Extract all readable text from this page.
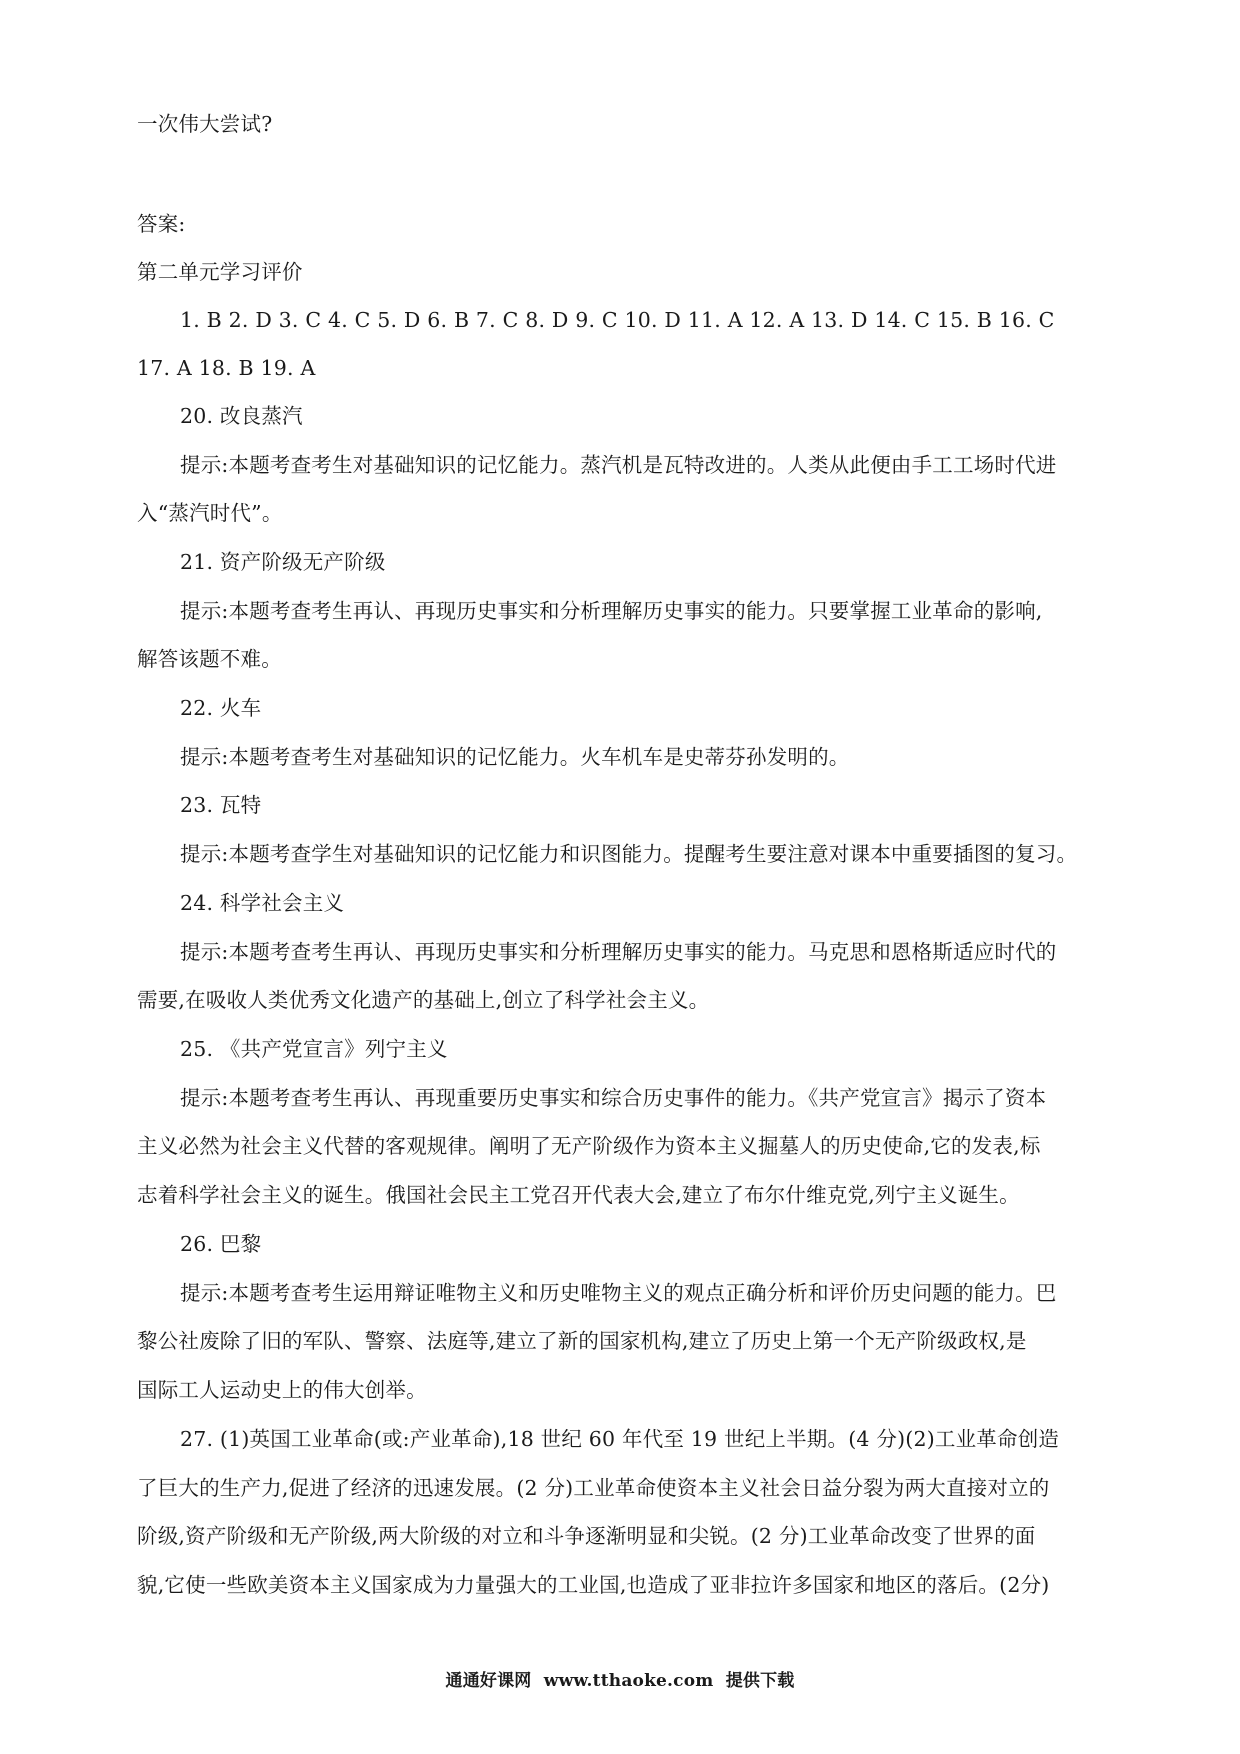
一次伟大尝试?
答案:
第二单元学习评价
1. B 2. D 3. C 4. C 5. D 6. B 7. C 8. D 9. C 10. D 11. A 12. A 13. D 14. C 15. B 16. C
17. A 18. B 19. A
20. 改良蒸汽
提示:本题考查考生对基础知识的记忆能力。蒸汽机是瓦特改进的。人类从此便由手工工场时代进
入“蒸汽时代”。
21. 资产阶级无产阶级
提示:本题考查考生再认、再现历史事实和分析理解历史事实的能力。只要掌握工业革命的影响,
解答该题不难。
22. 火车
提示:本题考查考生对基础知识的记忆能力。火车机车是史蒂芬孙发明的。
23. 瓦特
提示:本题考查学生对基础知识的记忆能力和识图能力。提醒考生要注意对课本中重要插图的复习。
24. 科学社会主义
提示:本题考查考生再认、再现历史事实和分析理解历史事实的能力。马克思和恩格斯适应时代的
需要,在吸收人类优秀文化遗产的基础上,创立了科学社会主义。
25. 《共产党宣言》列宁主义
提示:本题考查考生再认、再现重要历史事实和综合历史事件的能力。《共产党宣言》揭示了资本
主义必然为社会主义代替的客观规律。阐明了无产阶级作为资本主义掘墓人的历史使命,它的发表,标
志着科学社会主义的诞生。俄国社会民主工党召开代表大会,建立了布尔什维克党,列宁主义诞生。
26. 巴黎
提示:本题考查考生运用辩证唯物主义和历史唯物主义的观点正确分析和评价历史问题的能力。巴
黎公社废除了旧的军队、警察、法庭等,建立了新的国家机构,建立了历史上第一个无产阶级政权,是
国际工人运动史上的伟大创举。
27. (1)英国工业革命(或:产业革命),18 世纪 60 年代至 19 世纪上半期。(4 分)(2)工业革命创造
了巨大的生产力,促进了经济的迅速发展。(2 分)工业革命使资本主义社会日益分裂为两大直接对立的
阶级,资产阶级和无产阶级,两大阶级的对立和斗争逐渐明显和尖锐。(2 分)工业革命改变了世界的面
貌,它使一些欧美资本主义国家成为力量强大的工业国,也造成了亚非拉许多国家和地区的落后。(2分)
通通好课网  www.tthaoke.com  提供下载
